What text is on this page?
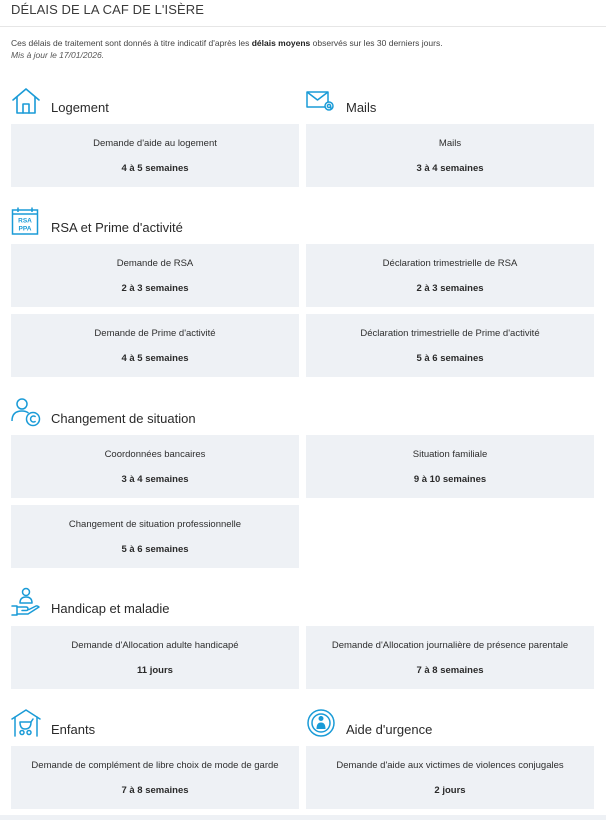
DÉLAIS DE LA CAF DE L'ISÈRE
Ces délais de traitement sont donnés à titre indicatif d'après les délais moyens observés sur les 30 derniers jours.
Mis à jour le 17/01/2026.
Logement	Mails
Demande d'aide au logement
4 à 5 semaines
Mails
3 à 4 semaines
RSA
PPA RSA et Prime d'activité
Demande de RSA
2 à 3 semaines
Déclaration trimestrielle de RSA
2 à 3 semaines
Demande de Prime d'activité
4 à 5 semaines
Déclaration trimestrielle de Prime d'activité
5 à 6 semaines
Changement de situation
Coordonnées bancaires
3 à 4 semaines
Situation familiale
9 à 10 semaines
Changement de situation professionnelle
5 à 6 semaines
Handicap et maladie
Demande d'Allocation adulte handicapé
11 jours
Demande d'Allocation journalière de présence parentale
7 à 8 semaines
Enfants	Aide d'urgence
Demande de complément de libre choix de mode de garde
7 à 8 semaines
Demande d'aide aux victimes de violences conjugales
2 jours
